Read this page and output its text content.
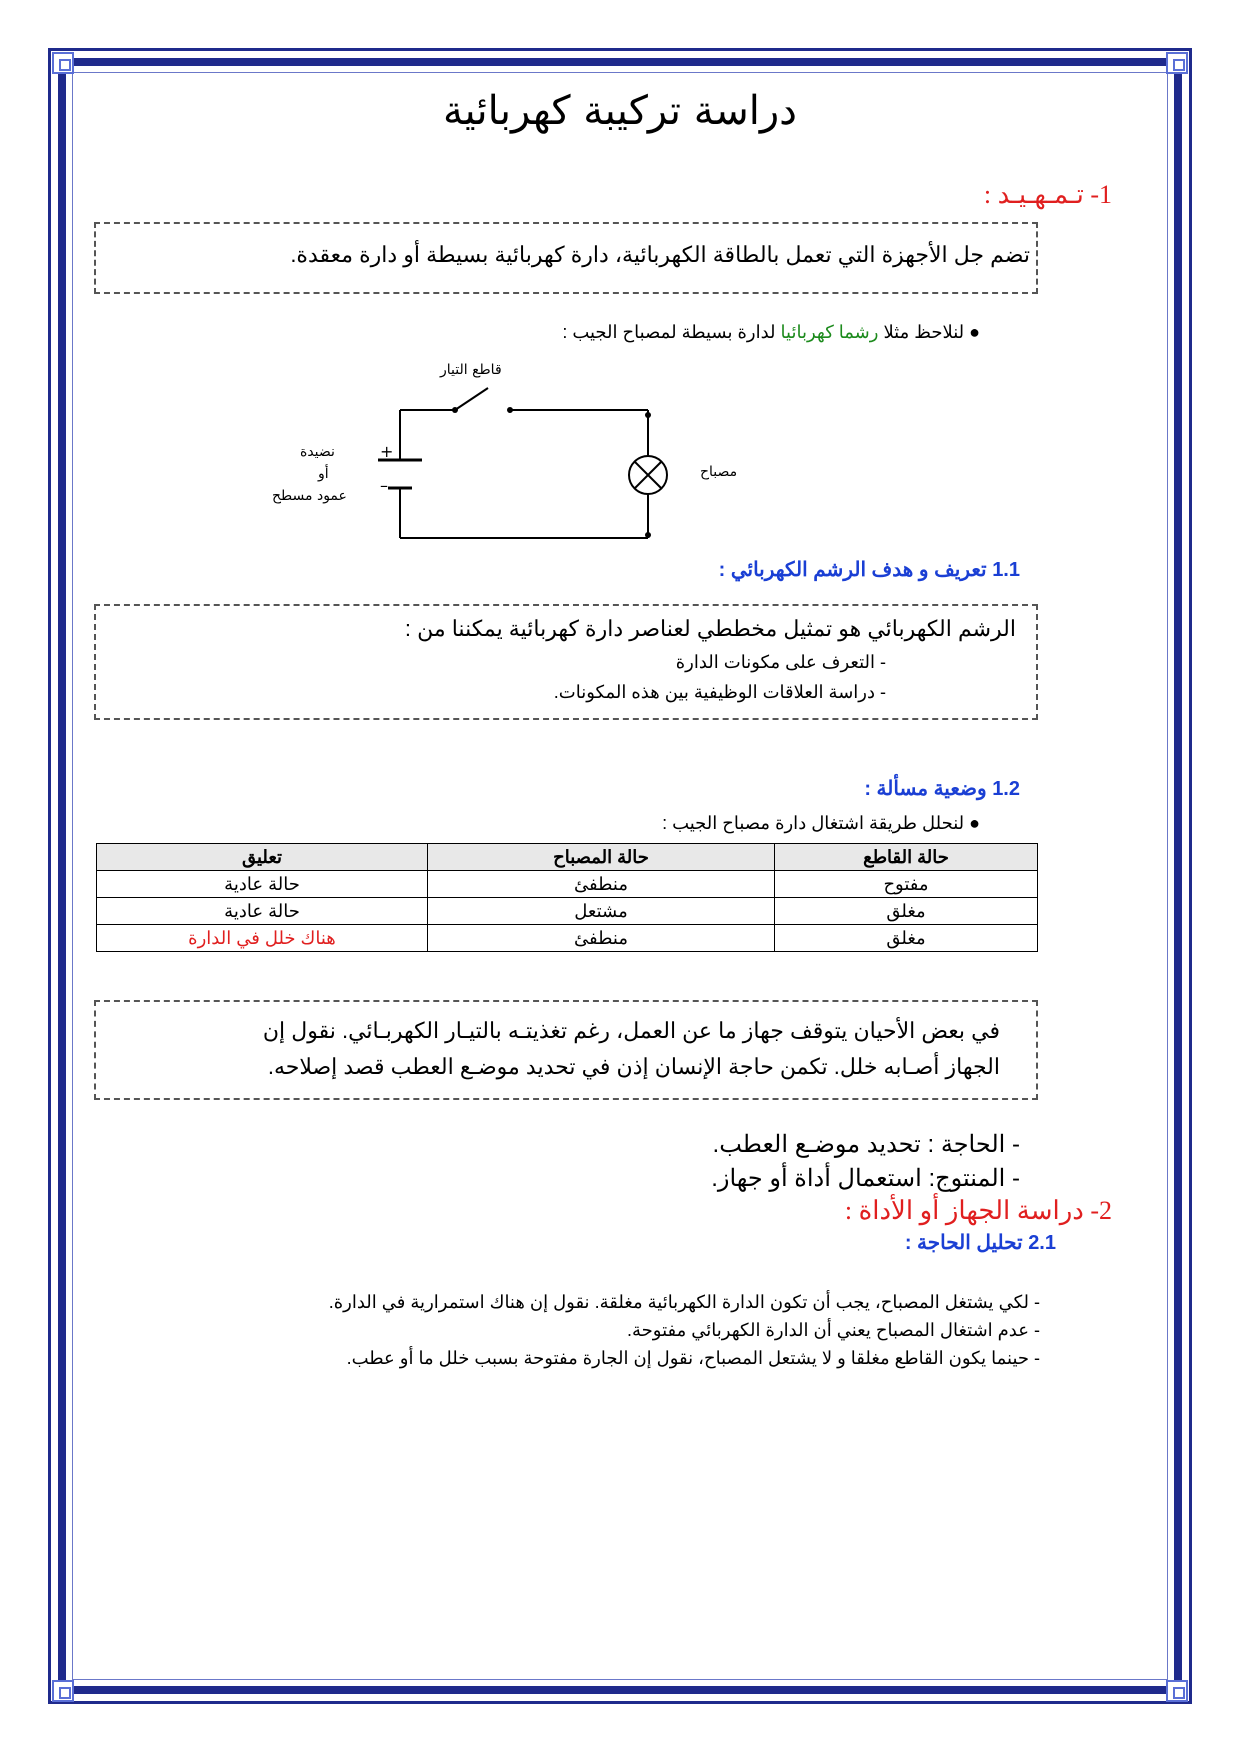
دراسة تركيبة كهربائية
1- تـمـهـيـد :
تضم جل الأجهزة التي تعمل بالطاقة الكهربائية، دارة كهربائية بسيطة أو دارة معقدة.
● لنلاحظ مثلا رشما كهربائيا لدارة بسيطة لمصباح الجيب :
قاطع التيار
+
–
نضيدة
أو
عمود مسطح
مصباح
1.1 تعريف و هدف الرشم الكهربائي :
الرشم الكهربائي هو تمثيل مخططي لعناصر دارة كهربائية يمكننا من :
- التعرف على مكونات الدارة
- دراسة العلاقات الوظيفية بين هذه المكونات.
1.2 وضعية مسألة :
● لنحلل طريقة اشتغال دارة مصباح الجيب :
حالة القاطع	حالة المصباح	تعليق
مفتوح	منطفئ	حالة عادية
مغلق	مشتعل	حالة عادية
مغلق	منطفئ	هناك خلل في الدارة
في بعض الأحيان يتوقف جهاز ما عن العمل، رغم تغذيتـه بالتيـار الكهربـائي. نقول إن
الجهاز أصـابه خلل. تكمن حاجة الإنسان إذن في تحديد موضـع العطب قصد إصلاحه.
- الحاجة : تحديد موضـع العطب.
- المنتوج: استعمال أداة أو جهاز.
2- دراسة الجهاز أو الأداة :
2.1 تحليل الحاجة :
- لكي يشتغل المصباح، يجب أن تكون الدارة الكهربائية مغلقة. نقول إن هناك استمرارية في الدارة.
- عدم اشتغال المصباح يعني أن الدارة الكهربائي مفتوحة.
- حينما يكون القاطع مغلقا و لا يشتعل المصباح، نقول إن الجارة مفتوحة بسبب خلل ما أو عطب.
